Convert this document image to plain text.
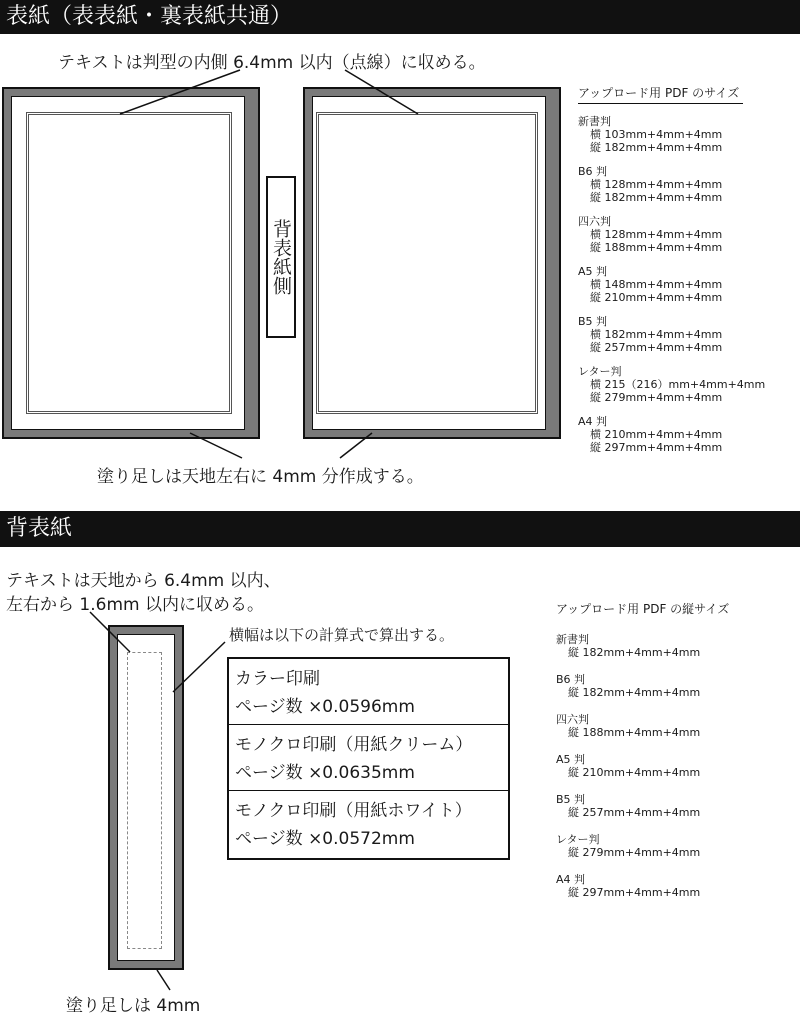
表紙（表表紙・裏表紙共通）
テキストは判型の内側 6.4mm 以内（点線）に収める。
背表紙側
塗り足しは天地左右に 4mm 分作成する。
アップロード用 PDF のサイズ
新書判
横 103mm+4mm+4mm
縦 182mm+4mm+4mm
B6 判
横 128mm+4mm+4mm
縦 182mm+4mm+4mm
四六判
横 128mm+4mm+4mm
縦 188mm+4mm+4mm
A5 判
横 148mm+4mm+4mm
縦 210mm+4mm+4mm
B5 判
横 182mm+4mm+4mm
縦 257mm+4mm+4mm
レター判
横 215（216）mm+4mm+4mm
縦 279mm+4mm+4mm
A4 判
横 210mm+4mm+4mm
縦 297mm+4mm+4mm
背表紙
テキストは天地から 6.4mm 以内、
左右から 1.6mm 以内に収める。
横幅は以下の計算式で算出する。
カラー印刷
ページ数 ×0.0596mm
モノクロ印刷（用紙クリーム）
ページ数 ×0.0635mm
モノクロ印刷（用紙ホワイト）
ページ数 ×0.0572mm
塗り足しは 4mm
アップロード用 PDF の縦サイズ
新書判
縦 182mm+4mm+4mm
B6 判
縦 182mm+4mm+4mm
四六判
縦 188mm+4mm+4mm
A5 判
縦 210mm+4mm+4mm
B5 判
縦 257mm+4mm+4mm
レター判
縦 279mm+4mm+4mm
A4 判
縦 297mm+4mm+4mm
